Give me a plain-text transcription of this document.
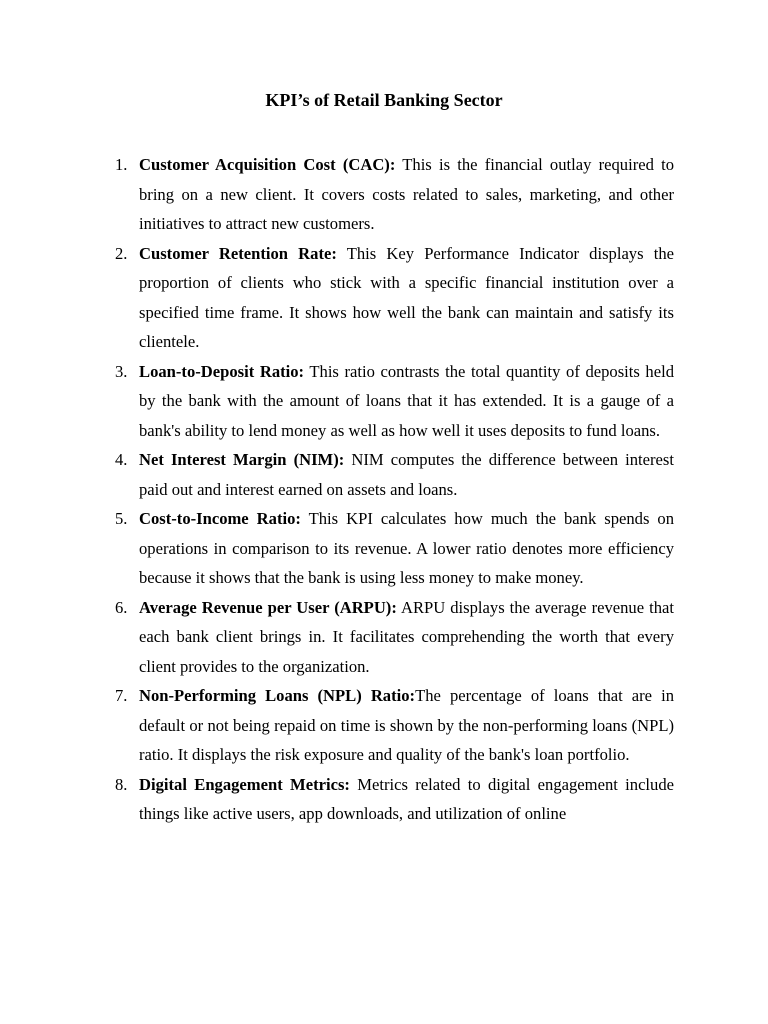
KPI’s of Retail Banking Sector
1. Customer Acquisition Cost (CAC): This is the financial outlay required to bring on a new client. It covers costs related to sales, marketing, and other initiatives to attract new customers.
2. Customer Retention Rate: This Key Performance Indicator displays the proportion of clients who stick with a specific financial institution over a specified time frame. It shows how well the bank can maintain and satisfy its clientele.
3. Loan-to-Deposit Ratio: This ratio contrasts the total quantity of deposits held by the bank with the amount of loans that it has extended. It is a gauge of a bank's ability to lend money as well as how well it uses deposits to fund loans.
4. Net Interest Margin (NIM): NIM computes the difference between interest paid out and interest earned on assets and loans.
5. Cost-to-Income Ratio: This KPI calculates how much the bank spends on operations in comparison to its revenue. A lower ratio denotes more efficiency because it shows that the bank is using less money to make money.
6. Average Revenue per User (ARPU): ARPU displays the average revenue that each bank client brings in. It facilitates comprehending the worth that every client provides to the organization.
7. Non-Performing Loans (NPL) Ratio:The percentage of loans that are in default or not being repaid on time is shown by the non-performing loans (NPL) ratio. It displays the risk exposure and quality of the bank's loan portfolio.
8. Digital Engagement Metrics: Metrics related to digital engagement include things like active users, app downloads, and utilization of online
